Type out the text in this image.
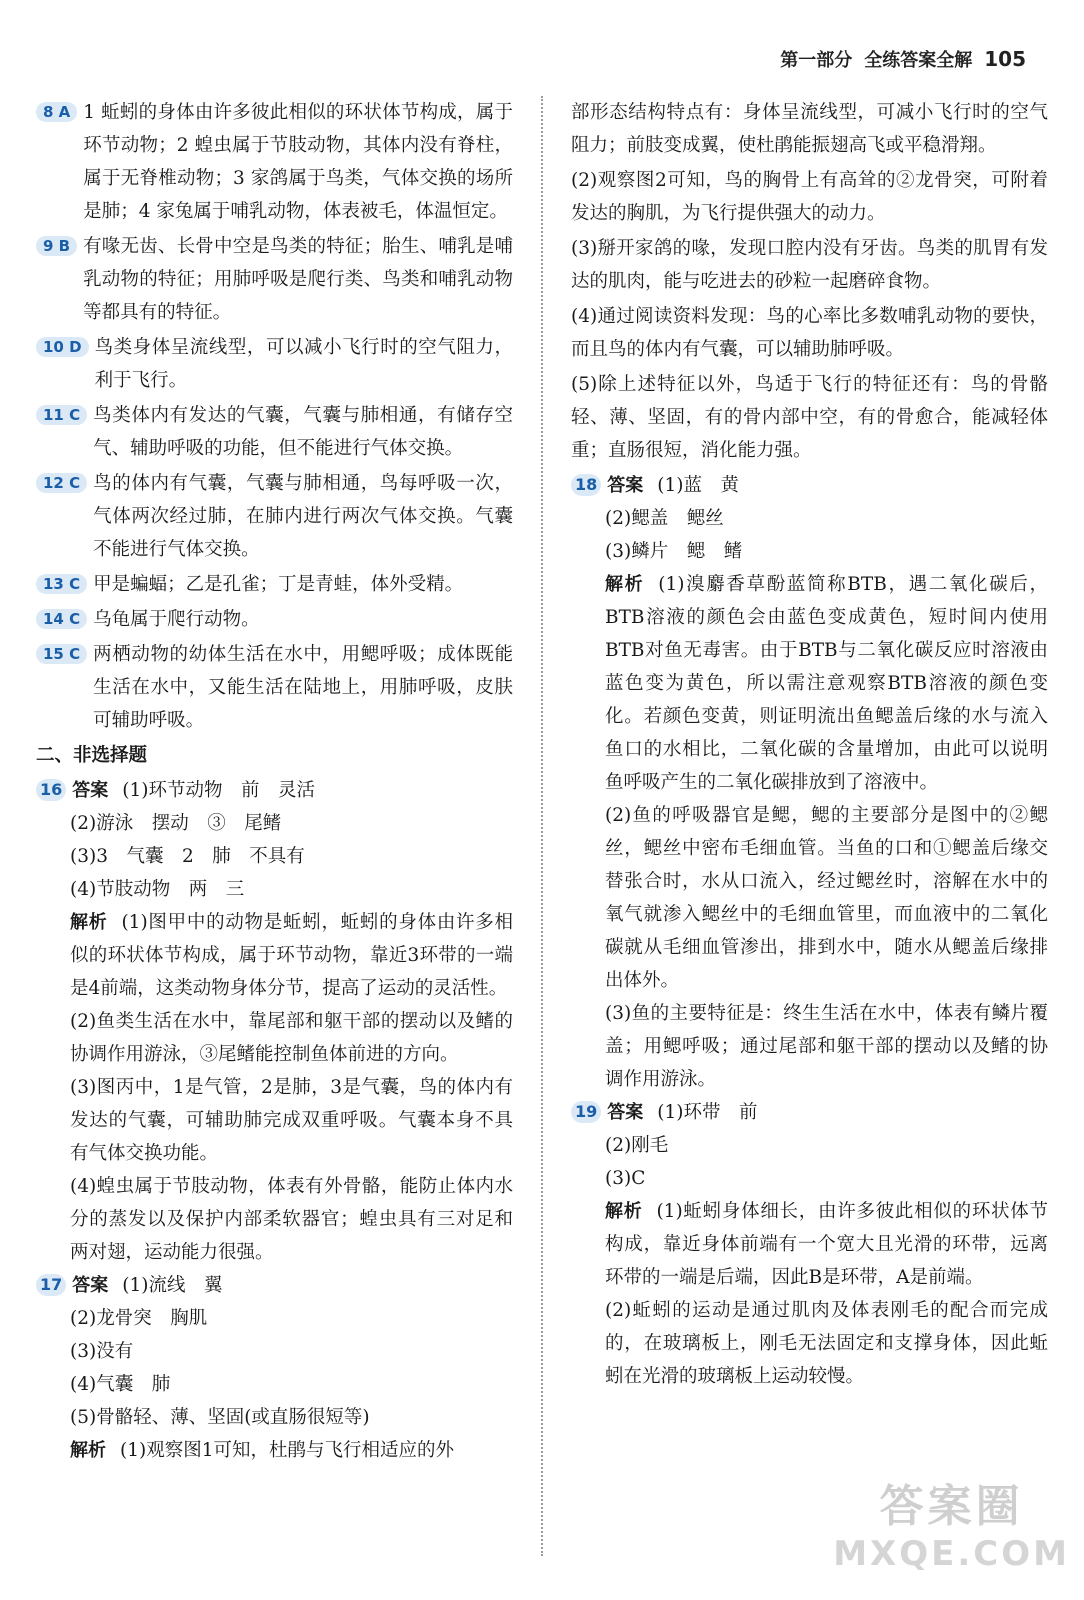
第一部分 全练答案全解 105
8 A 1 蚯蚓的身体由许多彼此相似的环状体节构成，属于环节动物；2 蝗虫属于节肢动物，其体内没有脊柱，属于无脊椎动物；3 家鸽属于鸟类，气体交换的场所是肺；4 家兔属于哺乳动物，体表被毛，体温恒定。
9 B 有喙无齿、长骨中空是鸟类的特征；胎生、哺乳是哺乳动物的特征；用肺呼吸是爬行类、鸟类和哺乳动物等都具有的特征。
10 D 鸟类身体呈流线型，可以减小飞行时的空气阻力，利于飞行。
11 C 鸟类体内有发达的气囊，气囊与肺相通，有储存空气、辅助呼吸的功能，但不能进行气体交换。
12 C 鸟的体内有气囊，气囊与肺相通，鸟每呼吸一次，气体两次经过肺，在肺内进行两次气体交换。气囊不能进行气体交换。
13 C 甲是蝙蝠；乙是孔雀；丁是青蛙，体外受精。
14 C 乌龟属于爬行动物。
15 C 两栖动物的幼体生活在水中，用鳃呼吸；成体既能生活在水中，又能生活在陆地上，用肺呼吸，皮肤可辅助呼吸。
二、非选择题
16 答案 (1)环节动物　前　灵活
(2)游泳　摆动　③　尾鳍
(3)3　气囊　2　肺　不具有
(4)节肢动物　两　三
解析 (1)图甲中的动物是蚯蚓，蚯蚓的身体由许多相似的环状体节构成，属于环节动物，靠近3环带的一端是4前端，这类动物身体分节，提高了运动的灵活性。
(2)鱼类生活在水中，靠尾部和躯干部的摆动以及鳍的协调作用游泳，③尾鳍能控制鱼体前进的方向。
(3)图丙中，1是气管，2是肺，3是气囊，鸟的体内有发达的气囊，可辅助肺完成双重呼吸。气囊本身不具有气体交换功能。
(4)蝗虫属于节肢动物，体表有外骨骼，能防止体内水分的蒸发以及保护内部柔软器官；蝗虫具有三对足和两对翅，运动能力很强。
17 答案 (1)流线　翼
(2)龙骨突　胸肌
(3)没有
(4)气囊　肺
(5)骨骼轻、薄、坚固(或直肠很短等)
解析 (1)观察图1可知，杜鹃与飞行相适应的外
部形态结构特点有：身体呈流线型，可减小飞行时的空气阻力；前肢变成翼，使杜鹃能振翅高飞或平稳滑翔。
(2)观察图2可知，鸟的胸骨上有高耸的②龙骨突，可附着发达的胸肌，为飞行提供强大的动力。
(3)掰开家鸽的喙，发现口腔内没有牙齿。鸟类的肌胃有发达的肌肉，能与吃进去的砂粒一起磨碎食物。
(4)通过阅读资料发现：鸟的心率比多数哺乳动物的要快，而且鸟的体内有气囊，可以辅助肺呼吸。
(5)除上述特征以外，鸟适于飞行的特征还有：鸟的骨骼轻、薄、坚固，有的骨内部中空，有的骨愈合，能减轻体重；直肠很短，消化能力强。
18 答案 (1)蓝　黄
(2)鳃盖　鳃丝
(3)鳞片　鳃　鳍
解析 (1)溴麝香草酚蓝简称BTB，遇二氧化碳后，BTB溶液的颜色会由蓝色变成黄色，短时间内使用BTB对鱼无毒害。由于BTB与二氧化碳反应时溶液由蓝色变为黄色，所以需注意观察BTB溶液的颜色变化。若颜色变黄，则证明流出鱼鳃盖后缘的水与流入鱼口的水相比，二氧化碳的含量增加，由此可以说明鱼呼吸产生的二氧化碳排放到了溶液中。
(2)鱼的呼吸器官是鳃，鳃的主要部分是图中的②鳃丝，鳃丝中密布毛细血管。当鱼的口和①鳃盖后缘交替张合时，水从口流入，经过鳃丝时，溶解在水中的氧气就渗入鳃丝中的毛细血管里，而血液中的二氧化碳就从毛细血管渗出，排到水中，随水从鳃盖后缘排出体外。
(3)鱼的主要特征是：终生生活在水中，体表有鳞片覆盖；用鳃呼吸；通过尾部和躯干部的摆动以及鳍的协调作用游泳。
19 答案 (1)环带　前
(2)刚毛
(3)C
解析 (1)蚯蚓身体细长，由许多彼此相似的环状体节构成，靠近身体前端有一个宽大且光滑的环带，远离环带的一端是后端，因此B是环带，A是前端。
(2)蚯蚓的运动是通过肌肉及体表刚毛的配合而完成的，在玻璃板上，刚毛无法固定和支撑身体，因此蚯蚓在光滑的玻璃板上运动较慢。
答案圈
MXQE.COM
